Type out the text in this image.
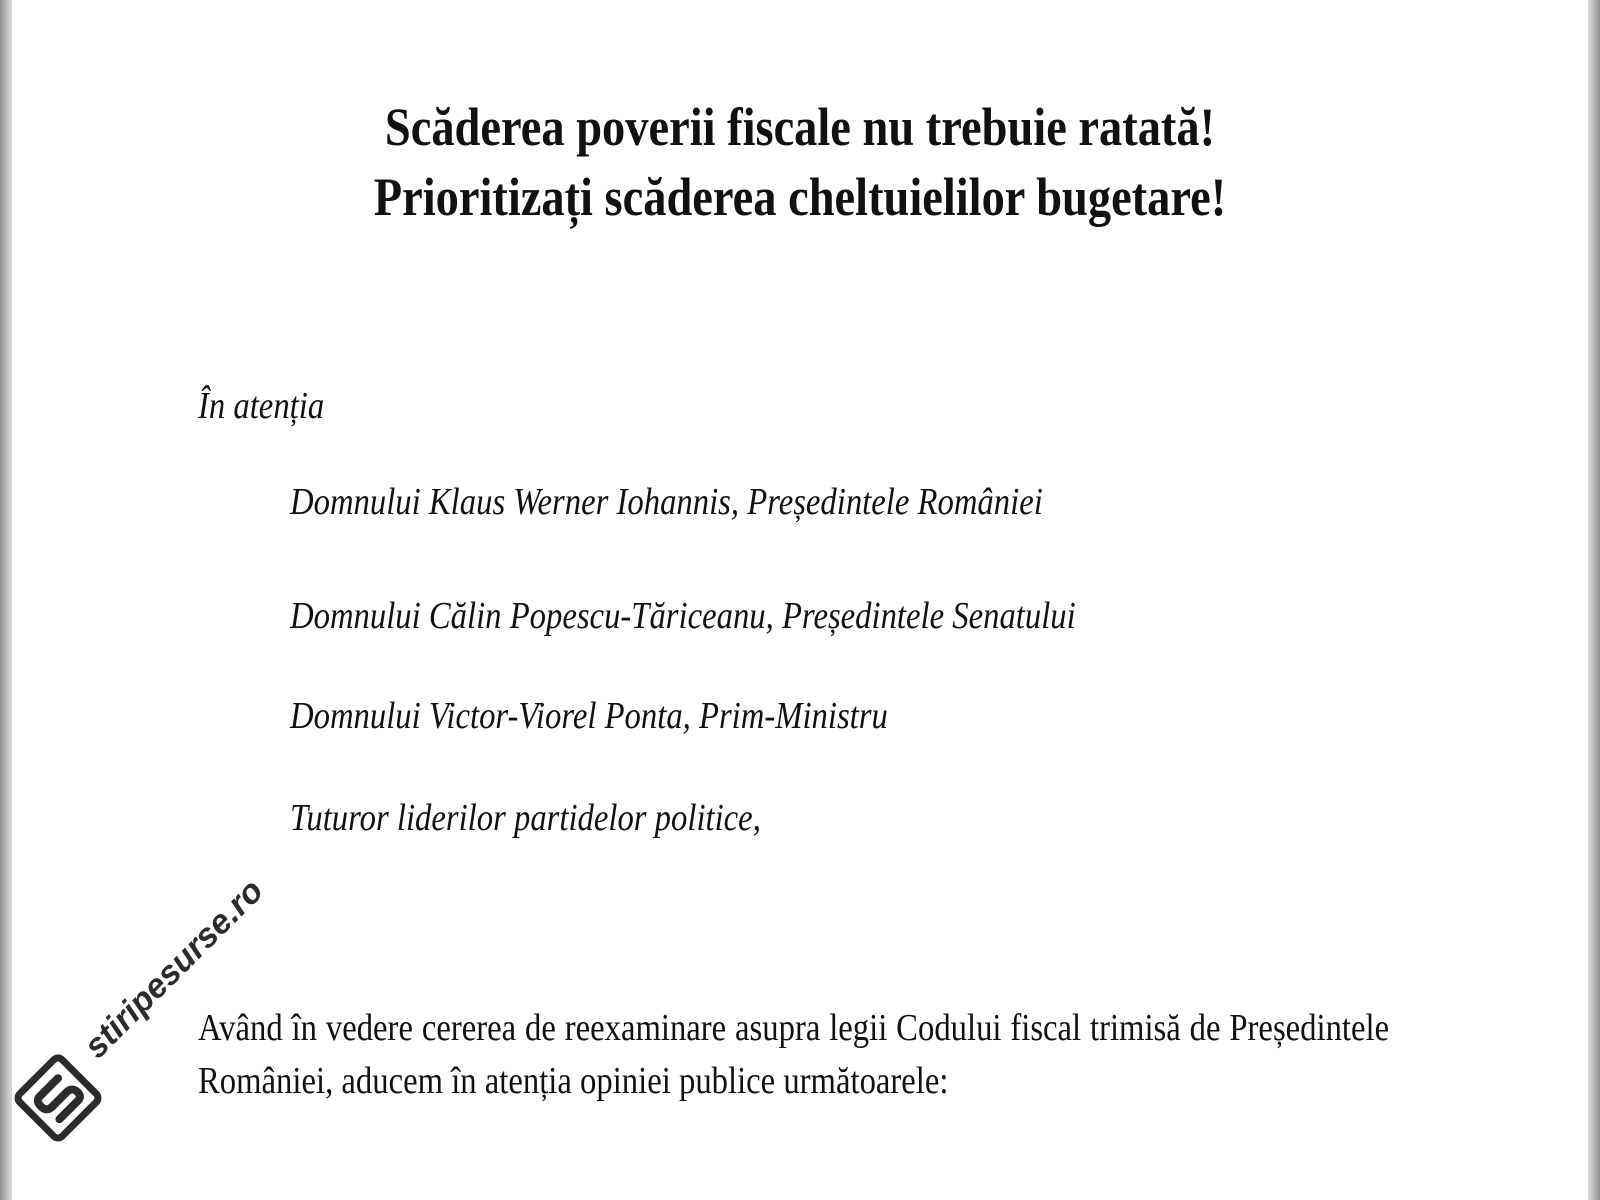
Scăderea poverii fiscale nu trebuie ratată!
Prioritizați scăderea cheltuielilor bugetare!
În atenția
Domnului Klaus Werner Iohannis, Președintele României
Domnului Călin Popescu-Tăriceanu, Președintele Senatului
Domnului Victor-Viorel Ponta, Prim-Ministru
Tuturor liderilor partidelor politice,

Având în vedere cererea de reexaminare asupra legii Codului fiscal trimisă de Președintele României, aducem în atenția opiniei publice următoarele:

stiripesurse.ro
